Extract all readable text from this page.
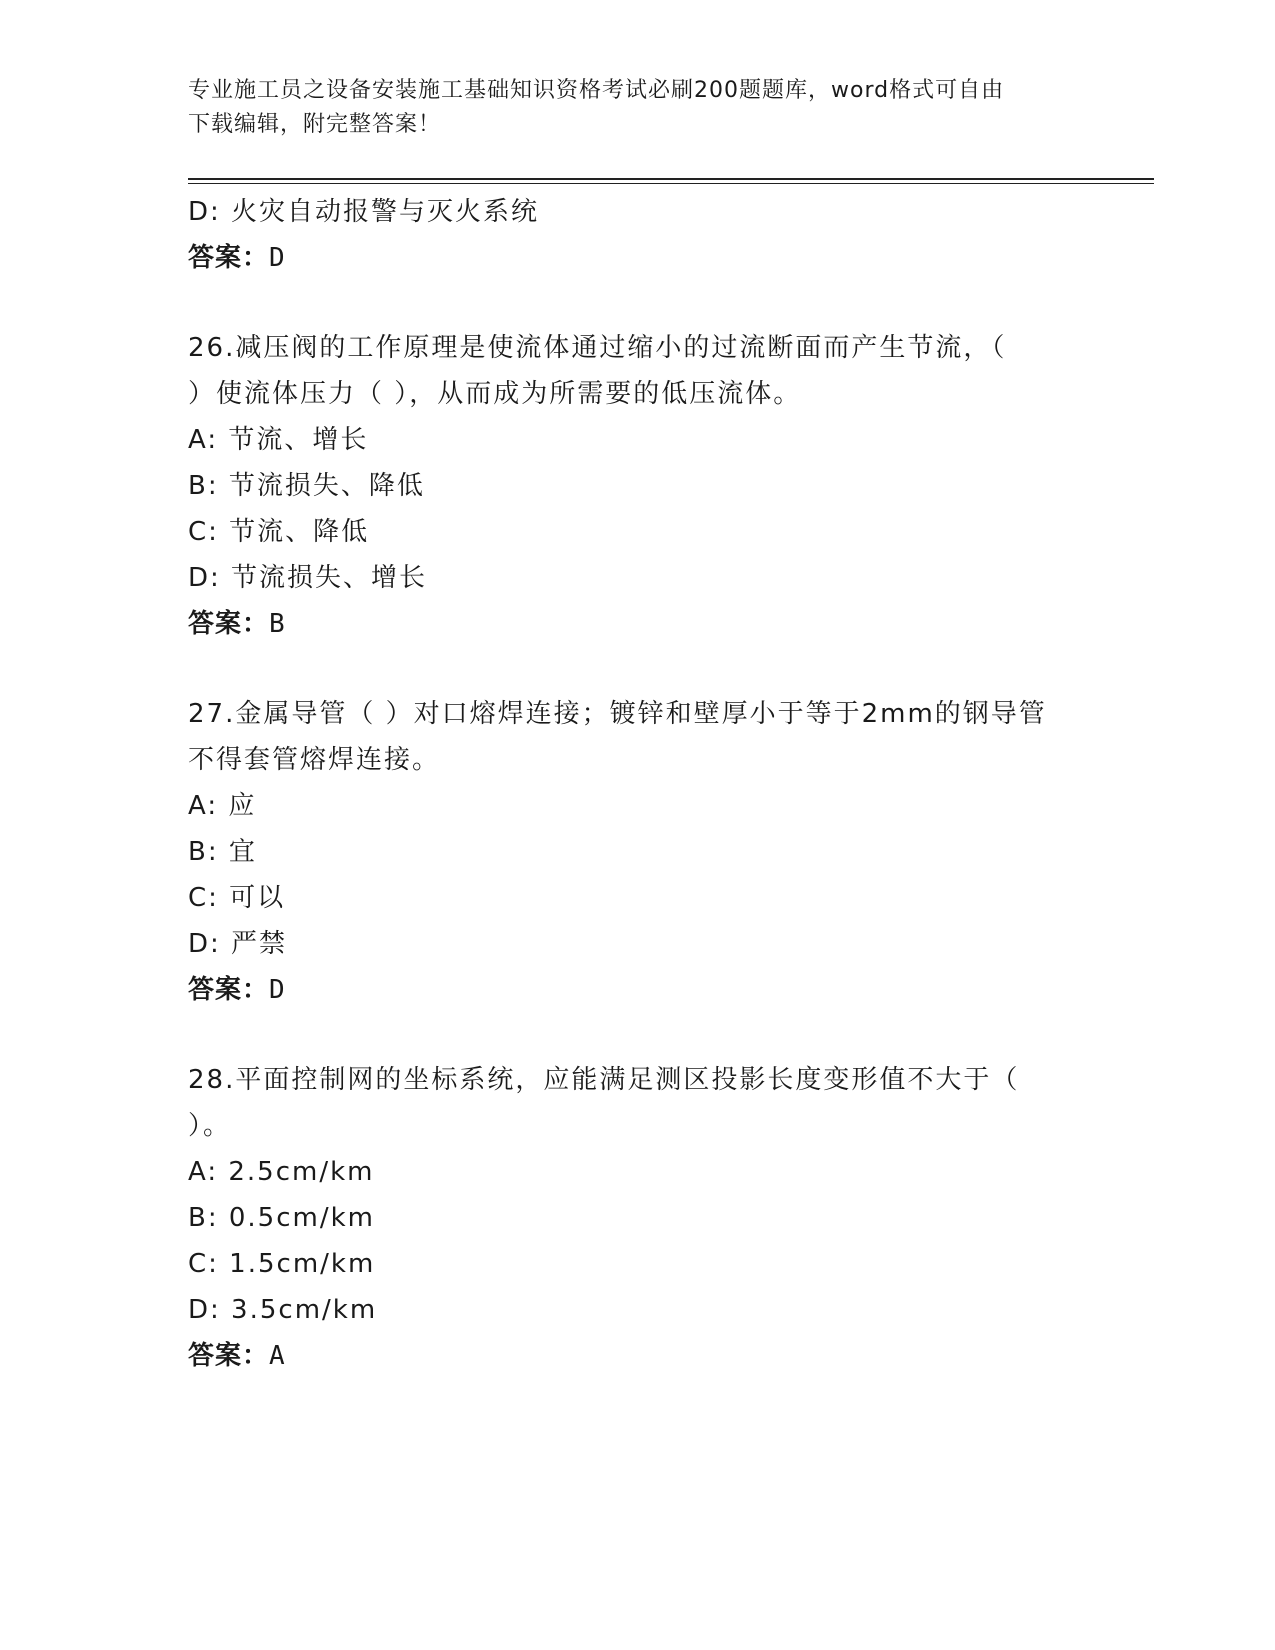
专业施工员之设备安装施工基础知识资格考试必刷200题题库，word格式可自由
下载编辑，附完整答案！
D: 火灾自动报警与灭火系统
答案：D
26.减压阀的工作原理是使流体通过缩小的过流断面而产生节流，（
）使流体压力（ ），从而成为所需要的低压流体。
A: 节流、增长
B: 节流损失、降低
C: 节流、降低
D: 节流损失、增长
答案：B
27.金属导管（ ）对口熔焊连接；镀锌和壁厚小于等于2mm的钢导管
不得套管熔焊连接。
A: 应
B: 宜
C: 可以
D: 严禁
答案：D
28.平面控制网的坐标系统，应能满足测区投影长度变形值不大于（
）。
A: 2.5cm/km
B: 0.5cm/km
C: 1.5cm/km
D: 3.5cm/km
答案：A
